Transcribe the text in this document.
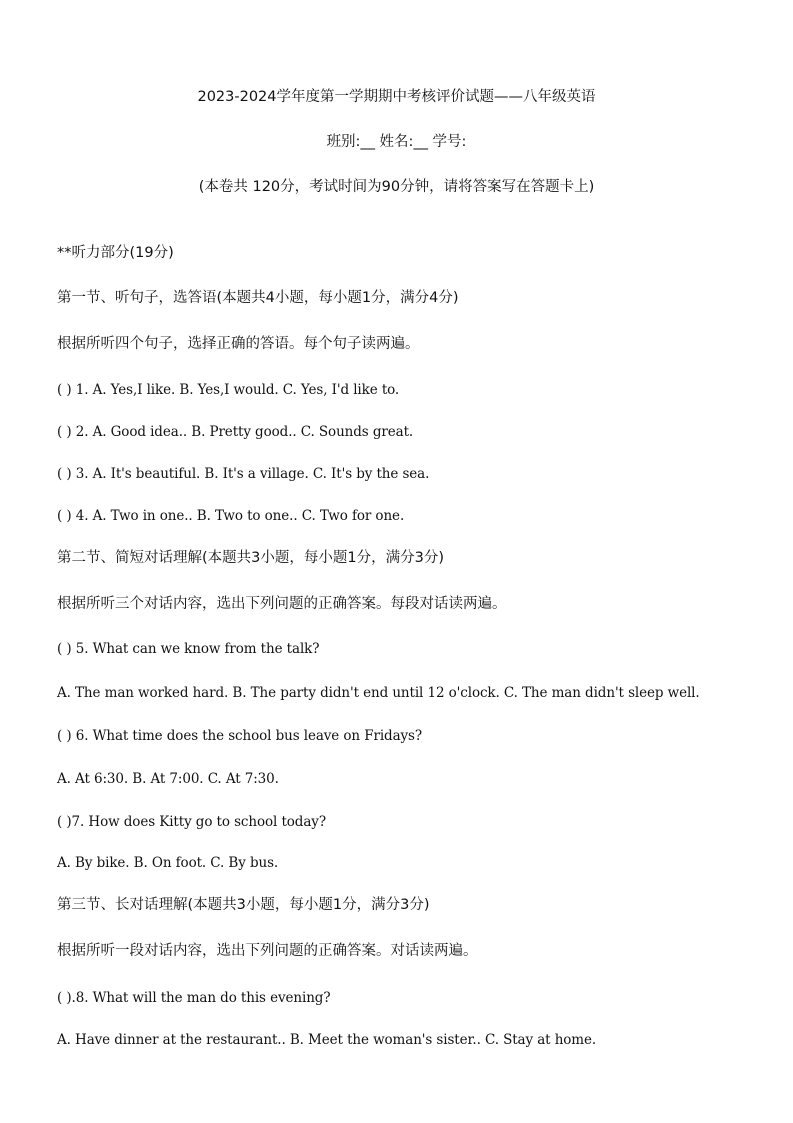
2023-2024学年度第一学期期中考核评价试题——八年级英语
班别:__ 姓名:__ 学号:
(本卷共 120分，考试时间为90分钟，请将答案写在答题卡上)
**听力部分(19分)
第一节、听句子，选答语(本题共4小题，每小题1分，满分4分)
根据所听四个句子，选择正确的答语。每个句子读两遍。
( ) 1. A. Yes,I like. B. Yes,I would. C. Yes, I'd like to.
( ) 2. A. Good idea.. B. Pretty good.. C. Sounds great.
( ) 3. A. It's beautiful. B. It's a village. C. It's by the sea.
( ) 4. A. Two in one.. B. Two to one.. C. Two for one.
第二节、简短对话理解(本题共3小题，每小题1分，满分3分)
根据所听三个对话内容，选出下列问题的正确答案。每段对话读两遍。
( ) 5. What can we know from the talk?
A. The man worked hard. B. The party didn't end until 12 o'clock. C. The man didn't sleep well.
( ) 6. What time does the school bus leave on Fridays?
A. At 6:30. B. At 7:00. C. At 7:30.
( )7. How does Kitty go to school today?
A. By bike. B. On foot. C. By bus.
第三节、长对话理解(本题共3小题，每小题1分，满分3分)
根据所听一段对话内容，选出下列问题的正确答案。对话读两遍。
( ).8. What will the man do this evening?
A. Have dinner at the restaurant.. B. Meet the woman's sister.. C. Stay at home.
